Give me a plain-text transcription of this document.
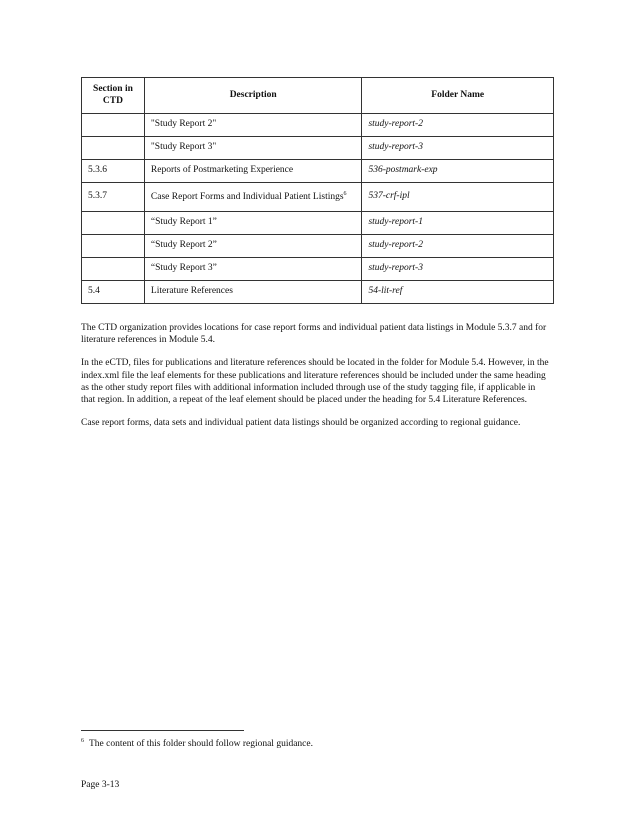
Section in CTD	Description	Folder Name
	"Study Report 2"	study-report-2
	"Study Report 3"	study-report-3
5.3.6	Reports of Postmarketing Experience	536-postmark-exp
5.3.7	Case Report Forms and Individual Patient Listings$^6$	537-crf-ipl
	“Study Report 1”	study-report-1
	“Study Report 2”	study-report-2
	“Study Report 3”	study-report-3
5.4	Literature References	54-lit-ref

The CTD organization provides locations for case report forms and individual patient data listings in Module 5.3.7 and for literature references in Module 5.4.

In the eCTD, files for publications and literature references should be located in the folder for Module 5.4. However, in the index.xml file the leaf elements for these publications and literature references should be included under the same heading as the other study report files with additional information included through use of the study tagging file, if applicable in that region. In addition, a repeat of the leaf element should be placed under the heading for 5.4 Literature References.

Case report forms, data sets and individual patient data listings should be organized according to regional guidance.

$^6$ The content of this folder should follow regional guidance.
Page 3-13
